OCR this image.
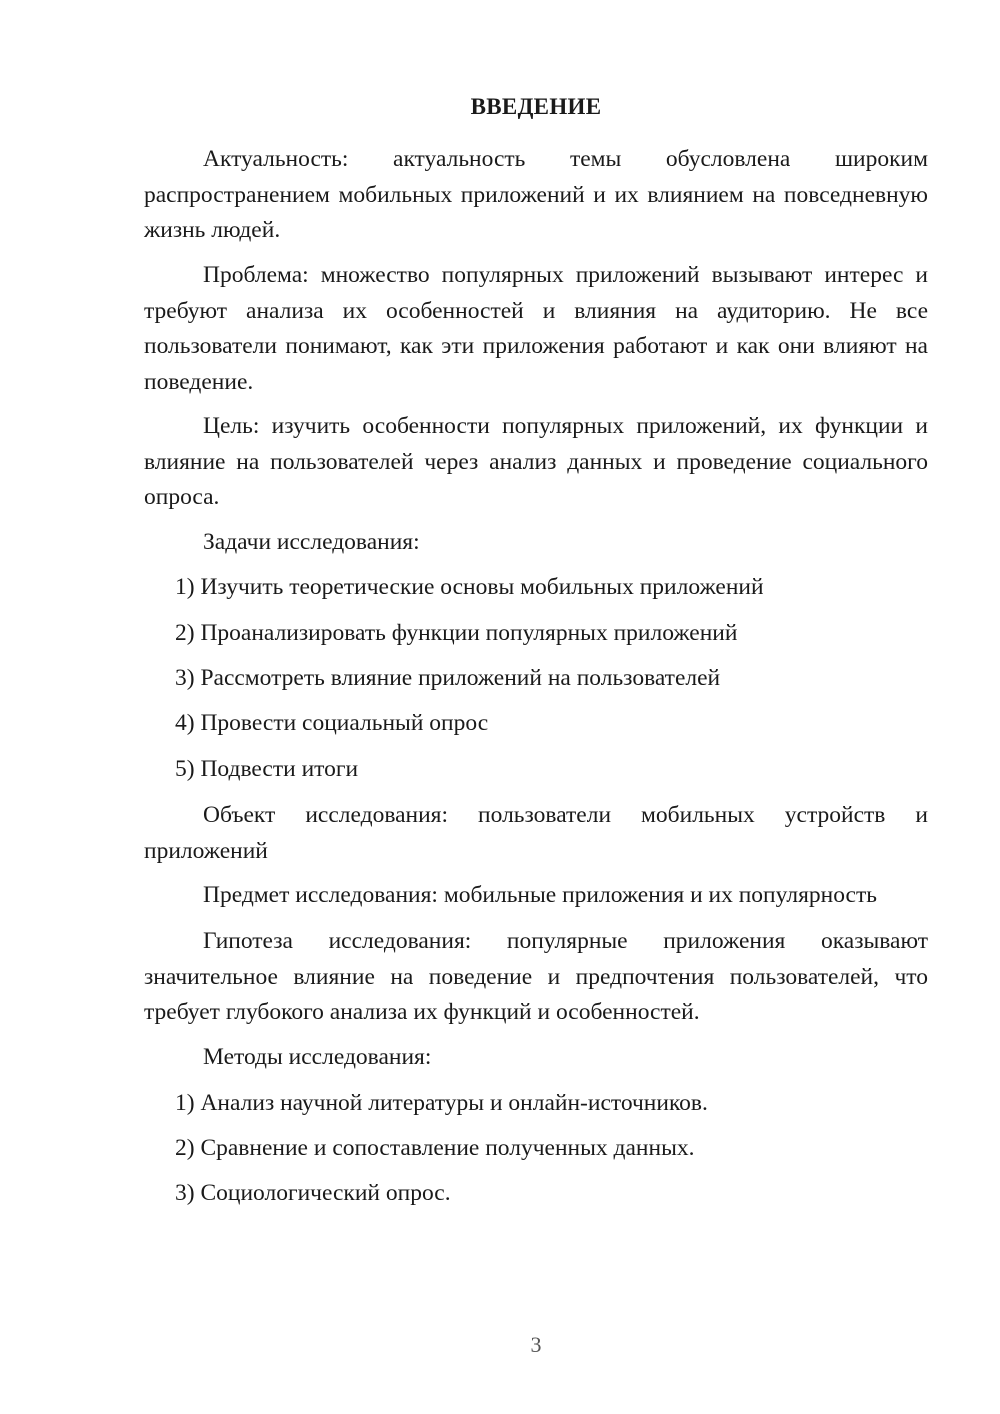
ВВЕДЕНИЕ

Актуальность: актуальность темы обусловлена широким распространением мобильных приложений и их влиянием на повседневную жизнь людей.

Проблема: множество популярных приложений вызывают интерес и требуют анализа их особенностей и влияния на аудиторию. Не все пользователи понимают, как эти приложения работают и как они влияют на поведение.

Цель: изучить особенности популярных приложений, их функции и влияние на пользователей через анализ данных и проведение социального опроса.

Задачи исследования:

1) Изучить теоретические основы мобильных приложений

2) Проанализировать функции популярных приложений

3) Рассмотреть влияние приложений на пользователей

4) Провести социальный опрос

5) Подвести итоги

Объект исследования: пользователи мобильных устройств и приложений

Предмет исследования: мобильные приложения и их популярность

Гипотеза исследования: популярные приложения оказывают значительное влияние на поведение и предпочтения пользователей, что требует глубокого анализа их функций и особенностей.

Методы исследования:

1) Анализ научной литературы и онлайн-источников.

2) Сравнение и сопоставление полученных данных.

3) Социологический опрос.

3
